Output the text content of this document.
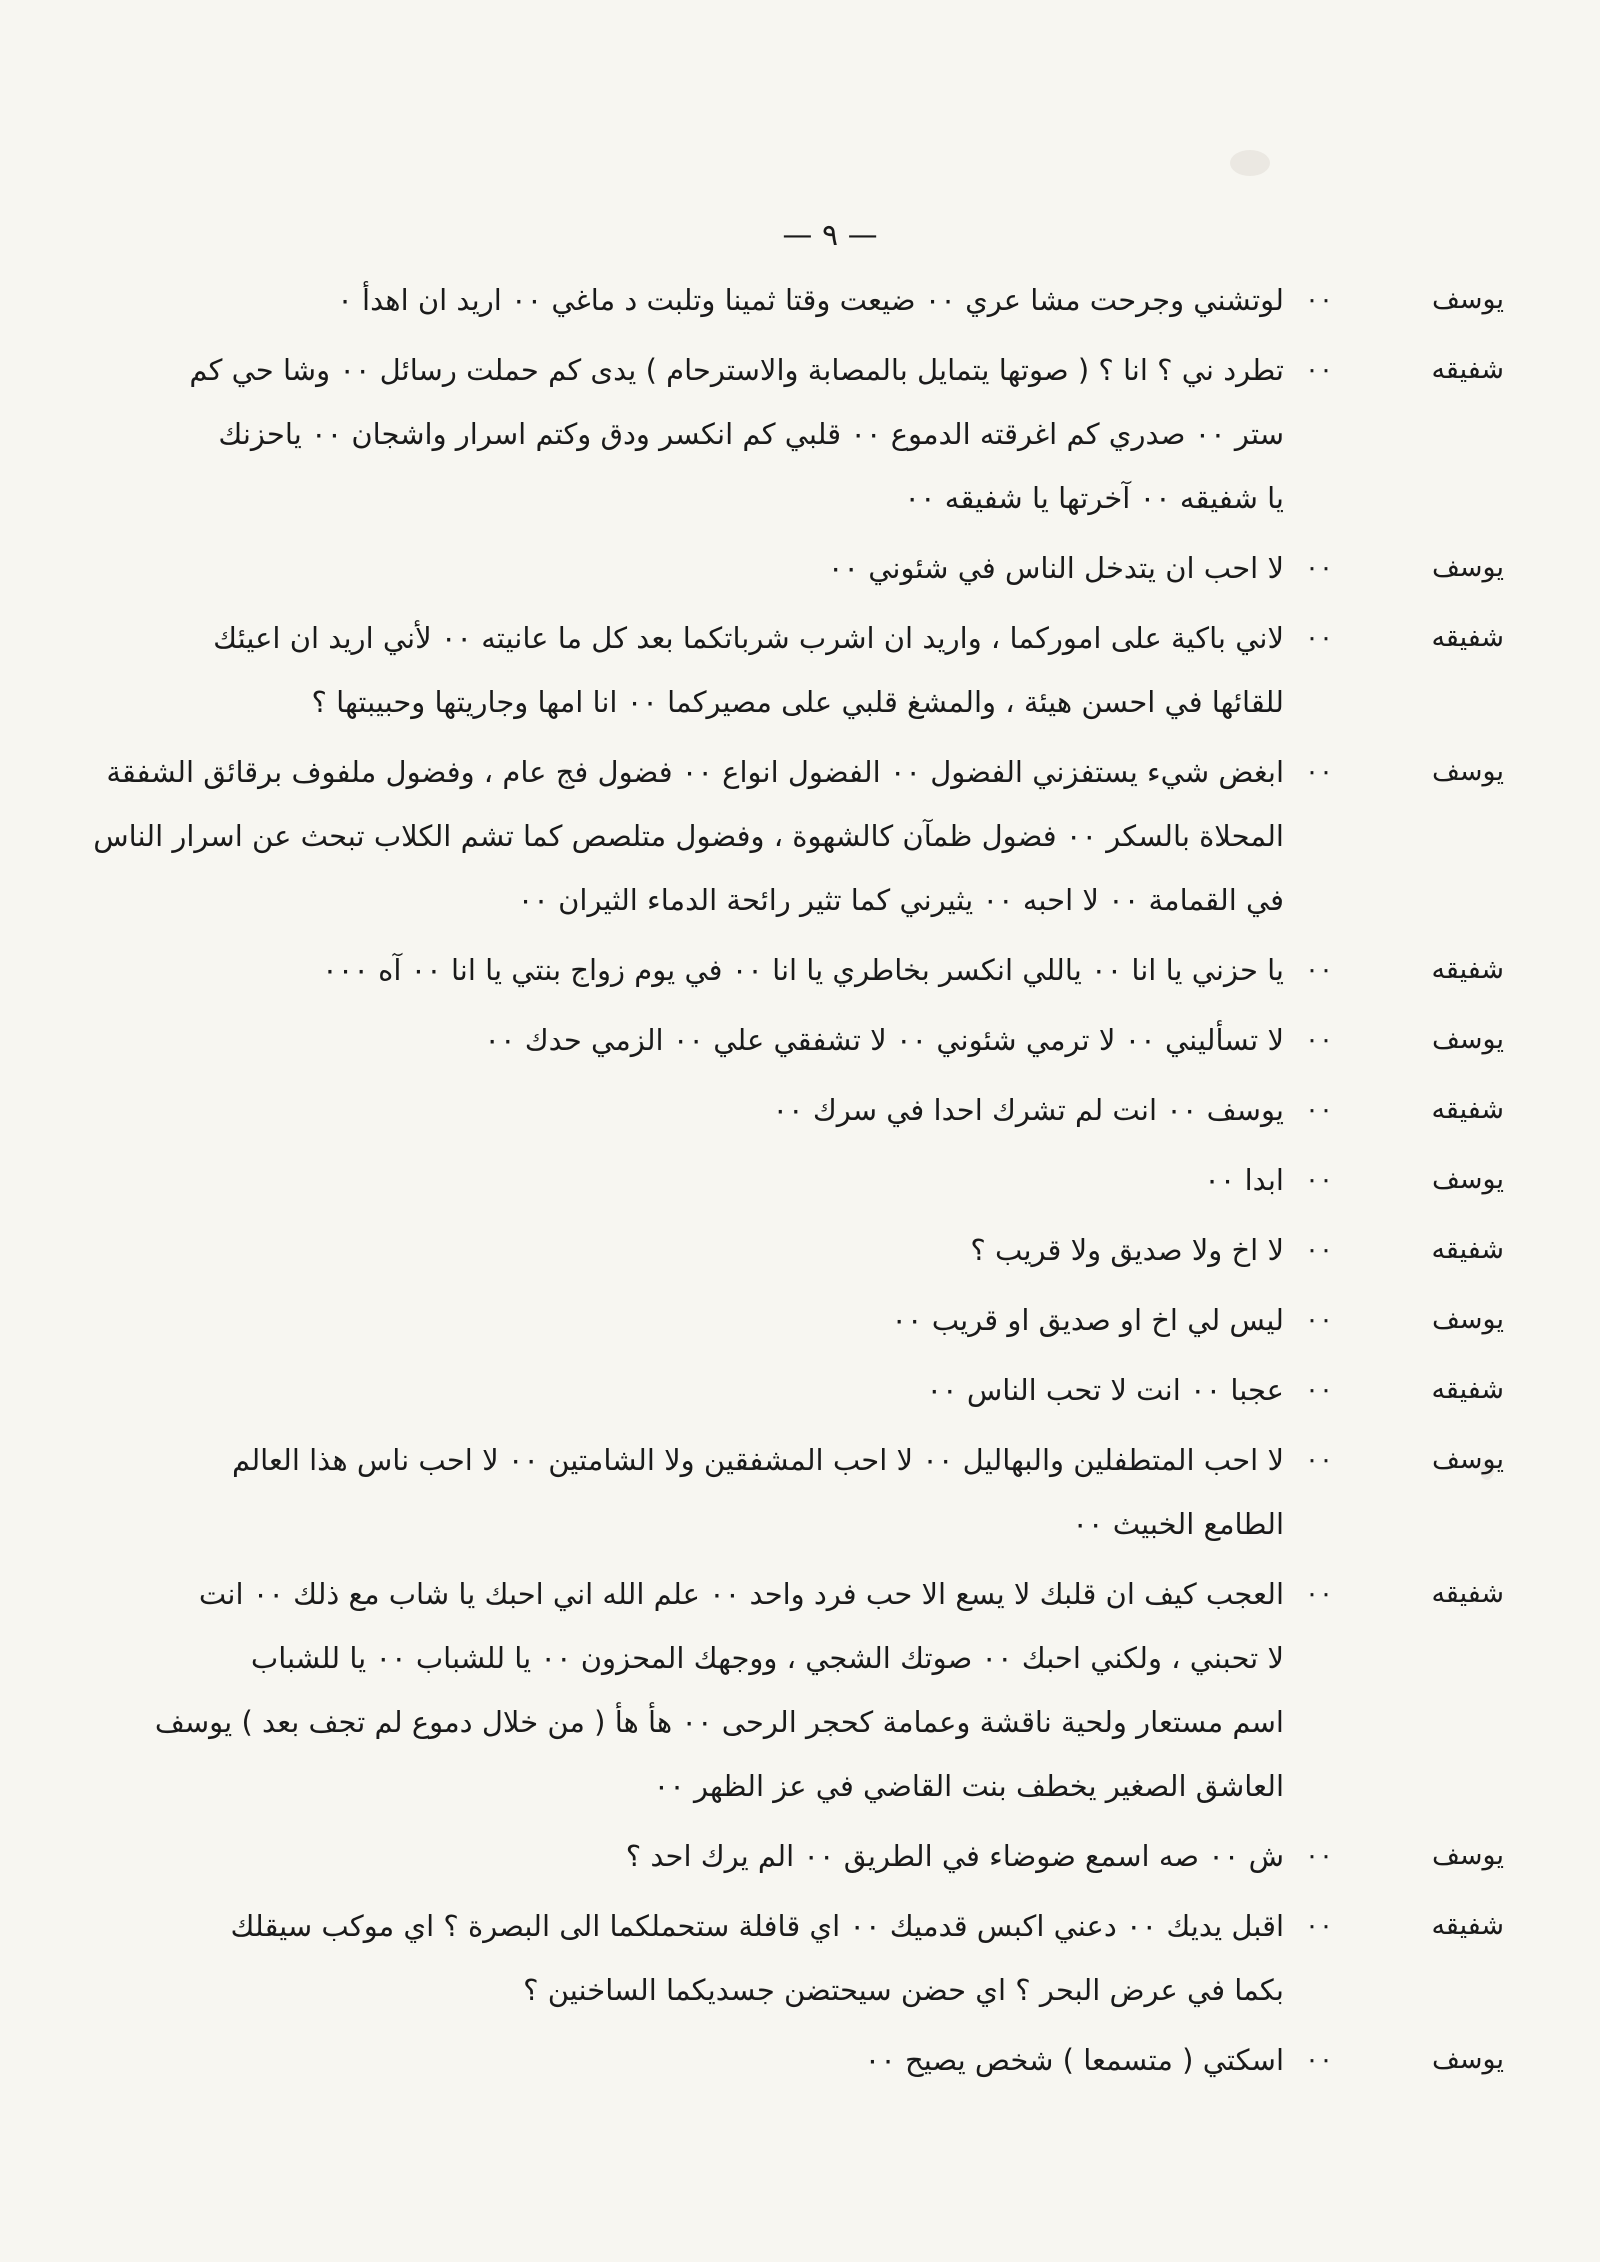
— ٩ —
يوسف
٠٠
لوتشني وجرحت مشا عري ٠٠ ضيعت وقتا ثمينا وتلبت د ماغي ٠٠ اريد ان اهدأ ٠
شفيقه
٠٠
تطرد ني ؟ انا ؟ ( صوتها يتمايل بالمصابة والاسترحام ) يدى كم حملت رسائل ٠٠ وشا حي كم
ستر ٠٠ صدري كم اغرقته الدموع ٠٠ قلبي كم انكسر ودق وكتم اسرار واشجان ٠٠ ياحزنك
يا شفيقه ٠٠ آخرتها يا شفيقه ٠٠
يوسف
٠٠
لا احب ان يتدخل الناس في شئوني ٠٠
شفيقه
٠٠
لاني باكية على اموركما ، واريد ان اشرب شرباتكما بعد كل ما عانيته ٠٠ لأني اريد ان اعيئك
للقائها في احسن هيئة ، والمشغ قلبي على مصيركما ٠٠ انا امها وجاريتها وحبيبتها ؟
يوسف
٠٠
ابغض شيء يستفزني الفضول ٠٠ الفضول انواع ٠٠ فضول فج عام ، وفضول ملفوف برقائق الشفقة
المحلاة بالسكر ٠٠ فضول ظمآن كالشهوة ، وفضول متلصص كما تشم الكلاب تبحث عن اسرار الناس
في القمامة ٠٠ لا احبه ٠٠ يثيرني كما تثير رائحة الدماء الثيران ٠٠
شفيقه
٠٠
يا حزني يا انا ٠٠ ياللي انكسر بخاطري يا انا ٠٠ في يوم زواج بنتي يا انا ٠٠ آه ٠٠٠
يوسف
٠٠
لا تسأليني ٠٠ لا ترمي شئوني ٠٠ لا تشفقي علي ٠٠ الزمي حدك ٠٠
شفيقه
٠٠
يوسف ٠٠ انت لم تشرك احدا في سرك ٠٠
يوسف
٠٠
ابدا ٠٠
شفيقه
٠٠
لا اخ ولا صديق ولا قريب ؟
يوسف
٠٠
ليس لي اخ او صديق او قريب ٠٠
شفيقه
٠٠
عجبا ٠٠ انت لا تحب الناس ٠٠
يوسف
٠٠
لا احب المتطفلين والبهاليل ٠٠ لا احب المشفقين ولا الشامتين ٠٠ لا احب ناس هذا العالم
الطامع الخبيث ٠٠
شفيقه
٠٠
العجب كيف ان قلبك لا يسع الا حب فرد واحد ٠٠ علم الله اني احبك يا شاب مع ذلك ٠٠ انت
لا تحبني ، ولكني احبك ٠٠ صوتك الشجي ، ووجهك المحزون ٠٠ يا للشباب ٠٠ يا للشباب
اسم مستعار ولحية ناقشة وعمامة كحجر الرحى ٠٠ هأ هأ ( من خلال دموع لم تجف بعد ) يوسف
العاشق الصغير يخطف بنت القاضي في عز الظهر ٠٠
يوسف
٠٠
ش ٠٠ صه اسمع ضوضاء في الطريق ٠٠ الم يرك احد ؟
شفيقه
٠٠
اقبل يديك ٠٠ دعني اكبس قدميك ٠٠ اي قافلة ستحملكما الى البصرة ؟ اي موكب سيقلك
بكما في عرض البحر ؟ اي حضن سيحتضن جسديكما الساخنين ؟
يوسف
٠٠
اسكتي ( متسمعا ) شخص يصيح ٠٠
